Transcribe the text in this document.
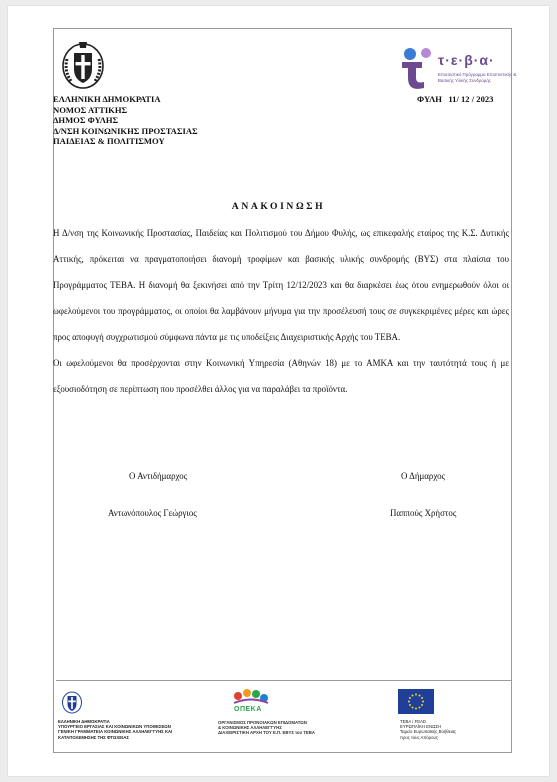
τ·ε·β·α·
Επισιτιστικό Πρόγραμμα Επισιτιστικής & Βασικής Υλικής Συνδρομής
ΕΛΛΗΝΙΚΗ ΔΗΜΟΚΡΑΤΙΑ
ΝΟΜΟΣ ΑΤΤΙΚΗΣ
ΔΗΜΟΣ ΦΥΛΗΣ
Δ/ΝΣΗ ΚΟΙΝΩΝΙΚΗΣ ΠΡΟΣΤΑΣΙΑΣ
ΠΑΙΔΕΙΑΣ & ΠΟΛΙΤΙΣΜΟΥ
ΦΥΛΗ   11/ 12 / 2023
ΑΝΑΚΟΙΝΩΣΗ

Η Δ/νση της Κοινωνικής Προστασίας, Παιδείας και Πολιτισμού του Δήμου Φυλής, ως επικεφαλής εταίρος της Κ.Σ. Δυτικής Αττικής, πρόκειται να πραγματοποιήσει διανομή τροφίμων και βασικής υλικής συνδρομής (ΒΥΣ) στα πλαίσια του Προγράμματος ΤΕΒΑ. Η διανομή θα ξεκινήσει από την Τρίτη 12/12/2023 και θα διαρκέσει έως ότου ενημερωθούν όλοι οι ωφελούμενοι του προγράμματος, οι οποίοι θα λαμβάνουν μήνυμα για την προσέλευσή τους σε συγκεκριμένες μέρες και ώρες προς αποφυγή συγχρωτισμού σύμφωνα πάντα με τις υποδείξεις Διαχειριστικής Αρχής του ΤΕΒΑ.

Οι ωφελούμενοι θα προσέρχονται στην Κοινωνική Υπηρεσία (Αθηνών 18) με το ΑΜΚΑ και την ταυτότητά τους ή με εξουσιοδότηση σε περίπτωση που προσέλθει άλλος για να παραλάβει τα προϊόντα.

Ο Αντιδήμαρχος
Αντωνόπουλος Γεώργιος
Ο Δήμαρχος
Παππούς Χρήστος
ΕΛΛΗΝΙΚΗ ΔΗΜΟΚΡΑΤΙΑ
ΥΠΟΥΡΓΕΙΟ ΕΡΓΑΣΙΑΣ ΚΑΙ ΚΟΙΝΩΝΙΚΩΝ ΥΠΟΘΕΣΕΩΝ
ΓΕΝΙΚΗ ΓΡΑΜΜΑΤΕΙΑ ΚΟΙΝΩΝΙΚΗΣ ΑΛΛΗΛΕΓΓΥΗΣ ΚΑΙ
ΚΑΤΑΠΟΛΕΜΗΣΗΣ ΤΗΣ ΦΤΩΧΕΙΑΣ
ΟΠΕΚΑ
ΟΡΓΑΝΙΣΜΟΣ ΠΡΟΝΟΙΑΚΩΝ ΕΠΙΔΟΜΑΤΩΝ
& ΚΟΙΝΩΝΙΚΗΣ ΑΛΛΗΛΕΓΓΥΗΣ
ΔΙΑΧΕΙΡΙΣΤΙΚΗ ΑΡΧΗ ΤΟΥ Ε.Π. ΕΒΥΣ του ΤΕΒΑ
ΤΕΒΑ / FEAD
ΕΥΡΩΠΑΪΚΗ ΕΝΩΣΗ
Ταμείο Ευρωπαϊκής Βοήθειας
προς τους Απόρους
